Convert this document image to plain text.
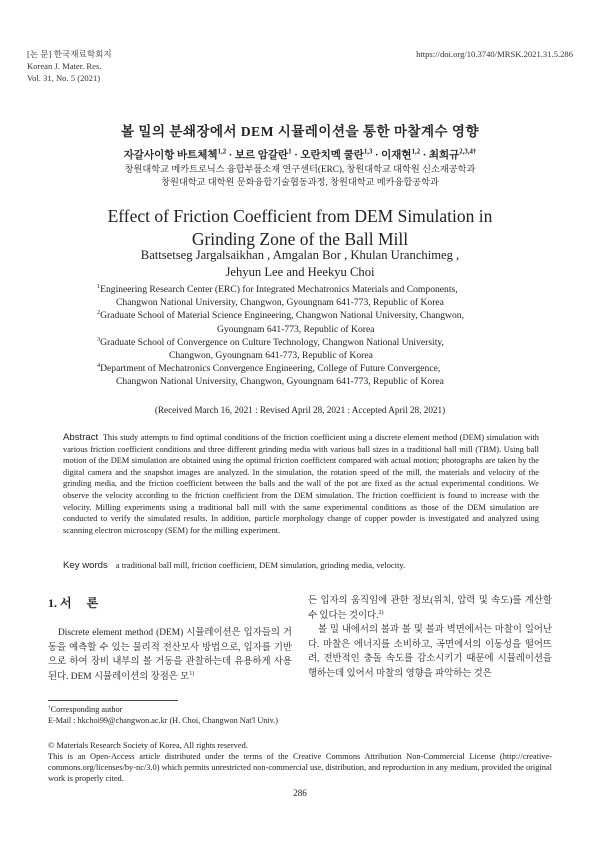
[논 문] 한국재료학회지
Korean J. Mater. Res.
Vol. 31, No. 5 (2021)
https://doi.org/10.3740/MRSK.2021.31.5.286
볼 밀의 분쇄장에서 DEM 시뮬레이션을 통한 마찰계수 영향
자갈사이항 바트체첵$^{1,2}$ · 보르 암갈란$^1$ · 오란치멕 쿨란$^{1,3}$ · 이재현$^{1,2}$ · 최희규$^{2,3,4\dagger}$
창원대학교 메카트로닉스 융합부품소재 연구센터(ERC), 창원대학교 대학원 신소재공학과
창원대학교 대학원 문화융합기술협동과정, 창원대학교 메카융합공학과
Effect of Friction Coefficient from DEM Simulation in
Grinding Zone of the Ball Mill
Battsetseg Jargalsaikhan , Amgalan Bor , Khulan Uranchimeg ,
Jehyun Lee and Heekyu Choi
$^1$Engineering Research Center (ERC) for Integrated Mechatronics Materials and Components,
Changwon National University, Changwon, Gyoungnam 641-773, Republic of Korea
$^2$Graduate School of Material Science Engineering, Changwon National University, Changwon,
Gyoungnam 641-773, Republic of Korea
$^3$Graduate School of Convergence on Culture Technology, Changwon National University,
Changwon, Gyoungnam 641-773, Republic of Korea
$^4$Department of Mechatronics Convergence Engineering, College of Future Convergence,
Changwon National University, Changwon, Gyoungnam 641-773, Republic of Korea
(Received March 16, 2021 : Revised April 28, 2021 : Accepted April 28, 2021)
Abstract This study attempts to find optimal conditions of the friction coefficient using a discrete element method (DEM) simulation with various friction coefficient conditions and three different grinding media with various ball sizes in a traditional ball mill (TBM). Using ball motion of the DEM simulation are obtained using the optimal friction coefficient compared with actual motion; photographs are taken by the digital camera and the snapshot images are analyzed. In the simulation, the rotation speed of the mill, the materials and velocity of the grinding media, and the friction coefficient between the balls and the wall of the pot are fixed as the actual experimental conditions. We observe the velocity according to the friction coefficient from the DEM simulation. The friction coefficient is found to increase with the velocity. Milling experiments using a traditional ball mill with the same experimental conditions as those of the DEM simulation are conducted to verify the simulated results. In addition, particle morphology change of copper powder is investigated and analyzed using scanning electron microscopy (SEM) for the milling experiment.
Key words a traditional ball mill, friction coefficient, DEM simulation, grinding media, velocity.
1. 서     론

Discrete element method (DEM) 시뮬레이션은 입자들의 거동을 예측할 수 있는 물리적 전산모사 방법으로, 입자를 기반으로 하여 장비 내부의 볼 거동을 관찰하는데 유용하게 사용된다. DEM 시뮬레이션의 장점은 모$^{1)}$

든 입자의 움직임에 관한 정보(위치, 압력 및 속도)를 계산할 수 있다는 것이다.$^{2)}$

볼 밀 내에서의 볼과 볼 및 볼과 벽면에서는 마찰이 일어난다. 마찰은 에너지를 소비하고, 곡면에서의 이동성을 떨어뜨려, 전반적인 충돌 속도를 감소시키기 때문에 시뮬레이션을 행하는데 있어서 마찰의 영향을 파악하는 것은

†Corresponding author
E-Mail : hkchoi99@changwon.ac.kr (H. Choi, Changwon Nat'l Univ.)
© Materials Research Society of Korea, All rights reserved.
This is an Open-Access article distributed under the terms of the Creative Commons Attribution Non-Commercial License (http://creative-commons.org/licenses/by-nc/3.0) which permits unrestricted non-commercial use, distribution, and reproduction in any medium, provided the original work is properly cited.
286
